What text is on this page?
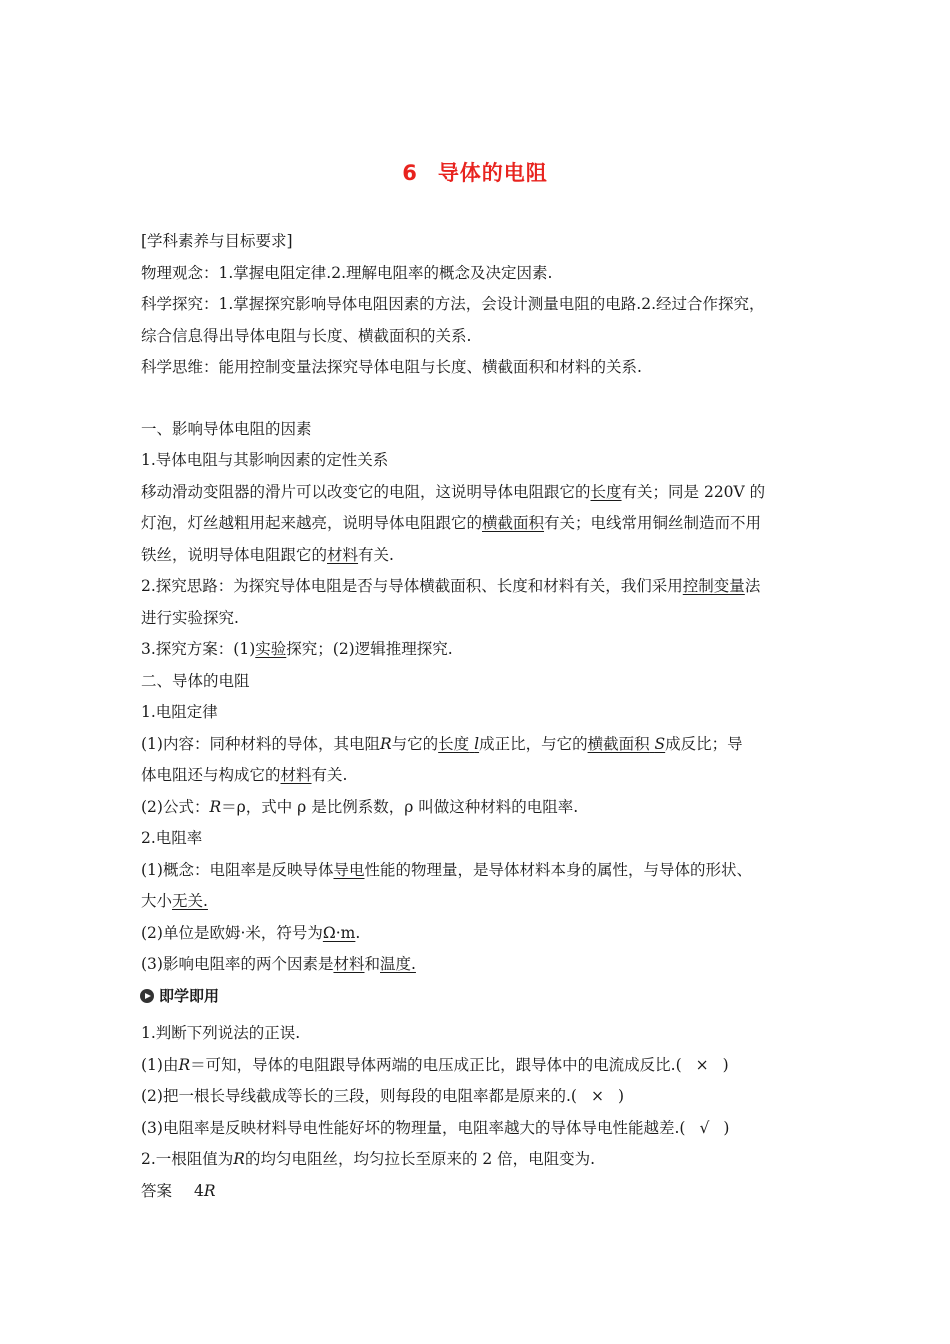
6 导体的电阻
[学科素养与目标要求]
物理观念：1.掌握电阻定律.2.理解电阻率的概念及决定因素.
科学探究：1.掌握探究影响导体电阻因素的方法，会设计测量电阻的电路.2.经过合作探究，
综合信息得出导体电阻与长度、横截面积的关系.
科学思维：能用控制变量法探究导体电阻与长度、横截面积和材料的关系.
一、影响导体电阻的因素
1.导体电阻与其影响因素的定性关系
移动滑动变阻器的滑片可以改变它的电阻，这说明导体电阻跟它的长度有关；同是 220V 的
灯泡，灯丝越粗用起来越亮，说明导体电阻跟它的横截面积有关；电线常用铜丝制造而不用
铁丝，说明导体电阻跟它的材料有关.
2.探究思路：为探究导体电阻是否与导体横截面积、长度和材料有关，我们采用控制变量法
进行实验探究.
3.探究方案：(1)实验探究；(2)逻辑推理探究.
二、导体的电阻
1.电阻定律
(1)内容：同种材料的导体，其电阻R与它的长度 l成正比，与它的横截面积 S成反比；导
体电阻还与构成它的材料有关.
(2)公式：R＝ρ，式中 ρ 是比例系数，ρ 叫做这种材料的电阻率.
2.电阻率
(1)概念：电阻率是反映导体导电性能的物理量，是导体材料本身的属性，与导体的形状、
大小无关.
(2)单位是欧姆·米，符号为Ω·m.
(3)影响电阻率的两个因素是材料和温度.
即学即用
1.判断下列说法的正误.
(1)由R＝可知，导体的电阻跟导体两端的电压成正比，跟导体中的电流成反比.( × )
(2)把一根长导线截成等长的三段，则每段的电阻率都是原来的.( × )
(3)电阻率是反映材料导电性能好坏的物理量，电阻率越大的导体导电性能越差.( √ )
2.一根阻值为R的均匀电阻丝，均匀拉长至原来的 2 倍，电阻变为.
答案 4R
